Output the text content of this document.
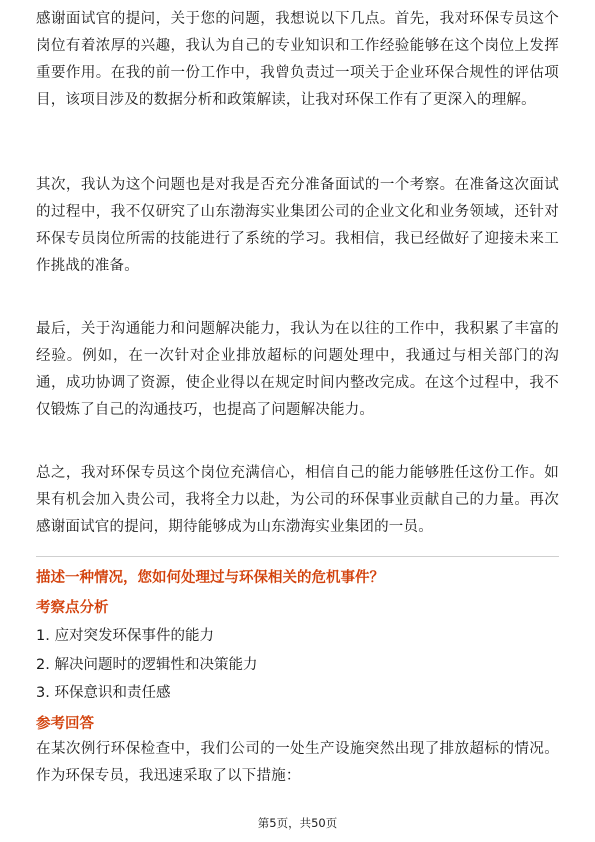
感谢面试官的提问，关于您的问题，我想说以下几点。首先，我对环保专员这个岗位有着浓厚的兴趣，我认为自己的专业知识和工作经验能够在这个岗位上发挥重要作用。在我的前一份工作中，我曾负责过一项关于企业环保合规性的评估项目，该项目涉及的数据分析和政策解读，让我对环保工作有了更深入的理解。

其次，我认为这个问题也是对我是否充分准备面试的一个考察。在准备这次面试的过程中，我不仅研究了山东渤海实业集团公司的企业文化和业务领域，还针对环保专员岗位所需的技能进行了系统的学习。我相信，我已经做好了迎接未来工作挑战的准备。

最后，关于沟通能力和问题解决能力，我认为在以往的工作中，我积累了丰富的经验。例如，在一次针对企业排放超标的问题处理中，我通过与相关部门的沟通，成功协调了资源，使企业得以在规定时间内整改完成。在这个过程中，我不仅锻炼了自己的沟通技巧，也提高了问题解决能力。

总之，我对环保专员这个岗位充满信心，相信自己的能力能够胜任这份工作。如果有机会加入贵公司，我将全力以赴，为公司的环保事业贡献自己的力量。再次感谢面试官的提问，期待能够成为山东渤海实业集团的一员。

描述一种情况，您如何处理过与环保相关的危机事件？

考察点分析

1. 应对突发环保事件的能力
2. 解决问题时的逻辑性和决策能力
3. 环保意识和责任感

参考回答

在某次例行环保检查中，我们公司的一处生产设施突然出现了排放超标的情况。作为环保专员，我迅速采取了以下措施：

第5页，共50页
